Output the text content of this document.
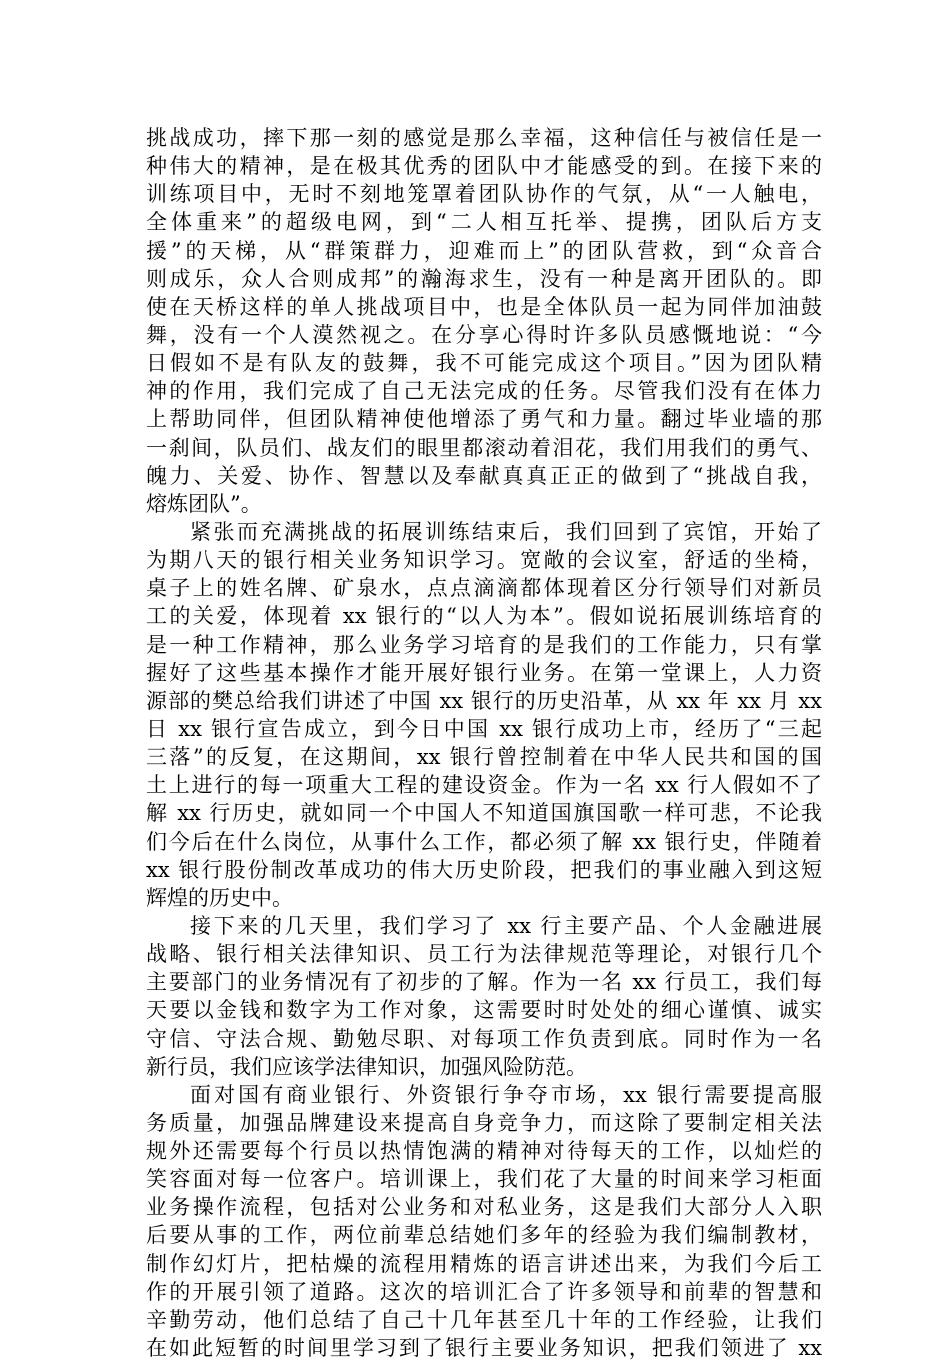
挑战成功，摔下那一刻的感觉是那么幸福，这种信任与被信任是一
种伟大的精神，是在极其优秀的团队中才能感受的到。在接下来的
训练项目中，无时不刻地笼罩着团队协作的气氛，从“一人触电，
全体重来”的超级电网，到“二人相互托举、提携，团队后方支
援”的天梯，从“群策群力，迎难而上”的团队营救，到“众音合
则成乐，众人合则成邦”的瀚海求生，没有一种是离开团队的。即
使在天桥这样的单人挑战项目中，也是全体队员一起为同伴加油鼓
舞，没有一个人漠然视之。在分享心得时许多队员感慨地说：“今
日假如不是有队友的鼓舞，我不可能完成这个项目。”因为团队精
神的作用，我们完成了自己无法完成的任务。尽管我们没有在体力
上帮助同伴，但团队精神使他增添了勇气和力量。翻过毕业墙的那
一刹间，队员们、战友们的眼里都滚动着泪花，我们用我们的勇气、
魄力、关爱、协作、智慧以及奉献真真正正的做到了“挑战自我，
熔炼团队”。
紧张而充满挑战的拓展训练结束后，我们回到了宾馆，开始了
为期八天的银行相关业务知识学习。宽敞的会议室，舒适的坐椅，
桌子上的姓名牌、矿泉水，点点滴滴都体现着区分行领导们对新员
工的关爱，体现着 xx 银行的“以人为本”。假如说拓展训练培育的
是一种工作精神，那么业务学习培育的是我们的工作能力，只有掌
握好了这些基本操作才能开展好银行业务。在第一堂课上，人力资
源部的樊总给我们讲述了中国 xx 银行的历史沿革，从 xx 年 xx 月 xx
日 xx 银行宣告成立，到今日中国 xx 银行成功上市，经历了“三起
三落”的反复，在这期间，xx 银行曾控制着在中华人民共和国的国
土上进行的每一项重大工程的建设资金。作为一名 xx 行人假如不了
解 xx 行历史，就如同一个中国人不知道国旗国歌一样可悲，不论我
们今后在什么岗位，从事什么工作，都必须了解 xx 银行史，伴随着
xx 银行股份制改革成功的伟大历史阶段，把我们的事业融入到这短
辉煌的历史中。
接下来的几天里，我们学习了 xx 行主要产品、个人金融进展
战略、银行相关法律知识、员工行为法律规范等理论，对银行几个
主要部门的业务情况有了初步的了解。作为一名 xx 行员工，我们每
天要以金钱和数字为工作对象，这需要时时处处的细心谨慎、诚实
守信、守法合规、勤勉尽职、对每项工作负责到底。同时作为一名
新行员，我们应该学法律知识，加强风险防范。
面对国有商业银行、外资银行争夺市场，xx 银行需要提高服
务质量，加强品牌建设来提高自身竞争力，而这除了要制定相关法
规外还需要每个行员以热情饱满的精神对待每天的工作，以灿烂的
笑容面对每一位客户。培训课上，我们花了大量的时间来学习柜面
业务操作流程，包括对公业务和对私业务，这是我们大部分人入职
后要从事的工作，两位前辈总结她们多年的经验为我们编制教材，
制作幻灯片，把枯燥的流程用精炼的语言讲述出来，为我们今后工
作的开展引领了道路。这次的培训汇合了许多领导和前辈的智慧和
辛勤劳动，他们总结了自己十几年甚至几十年的工作经验，让我们
在如此短暂的时间里学习到了银行主要业务知识，把我们领进了 xx
